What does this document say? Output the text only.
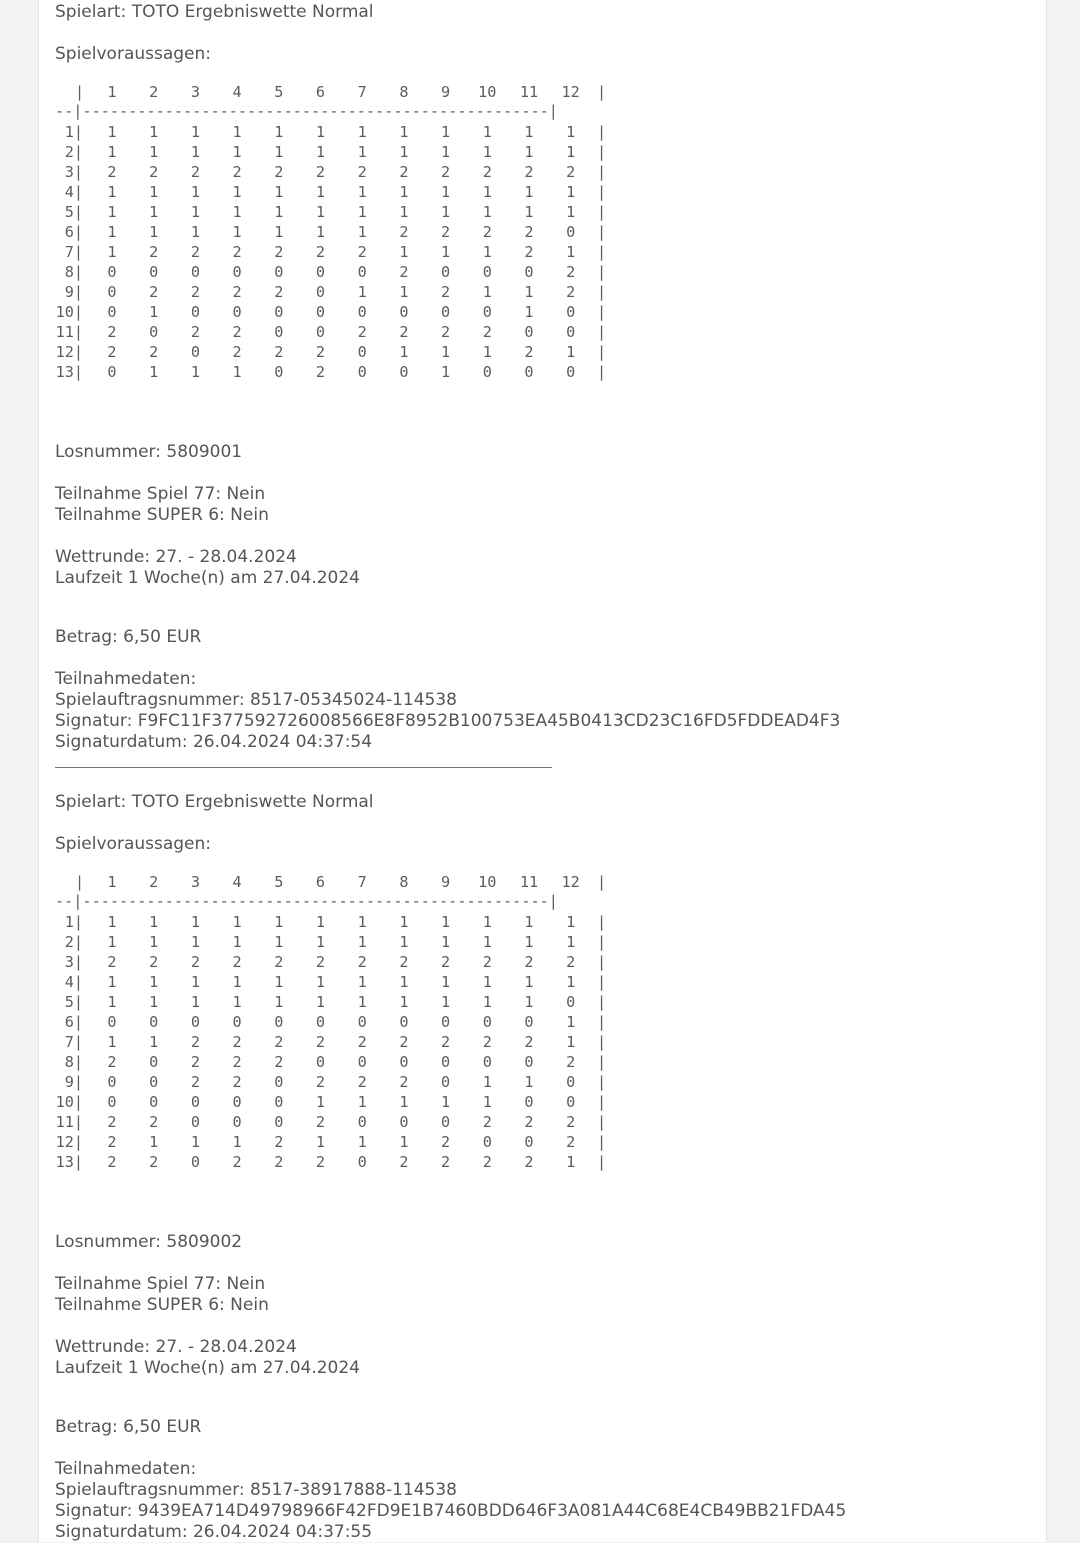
Spielart: TOTO Ergebniswette Normal
Spielvoraussagen:
|	1	2	3	4	5	6	7	8	9	10	11	12	|
--|---------------------------------------------------|
1|	1	1	1	1	1	1	1	1	1	1	1	1	|
2|	1	1	1	1	1	1	1	1	1	1	1	1	|
3|	2	2	2	2	2	2	2	2	2	2	2	2	|
4|	1	1	1	1	1	1	1	1	1	1	1	1	|
5|	1	1	1	1	1	1	1	1	1	1	1	1	|
6|	1	1	1	1	1	1	1	2	2	2	2	0	|
7|	1	2	2	2	2	2	2	1	1	1	2	1	|
8|	0	0	0	0	0	0	0	2	0	0	0	2	|
9|	0	2	2	2	2	0	1	1	2	1	1	2	|
10|	0	1	0	0	0	0	0	0	0	0	1	0	|
11|	2	0	2	2	0	0	2	2	2	2	0	0	|
12|	2	2	0	2	2	2	0	1	1	1	2	1	|
13|	0	1	1	1	0	2	0	0	1	0	0	0	|
Losnummer: 5809001
Teilnahme Spiel 77: Nein
Teilnahme SUPER 6: Nein
Wettrunde: 27. - 28.04.2024
Laufzeit 1 Woche(n) am 27.04.2024
Betrag: 6,50 EUR
Teilnahmedaten:
Spielauftragsnummer: 8517-05345024-114538
Signatur: F9FC11F377592726008566E8F8952B100753EA45B0413CD23C16FD5FDDEAD4F3
Signaturdatum: 26.04.2024 04:37:54
Spielart: TOTO Ergebniswette Normal
Spielvoraussagen:
|	1	2	3	4	5	6	7	8	9	10	11	12	|
--|---------------------------------------------------|
1|	1	1	1	1	1	1	1	1	1	1	1	1	|
2|	1	1	1	1	1	1	1	1	1	1	1	1	|
3|	2	2	2	2	2	2	2	2	2	2	2	2	|
4|	1	1	1	1	1	1	1	1	1	1	1	1	|
5|	1	1	1	1	1	1	1	1	1	1	1	0	|
6|	0	0	0	0	0	0	0	0	0	0	0	1	|
7|	1	1	2	2	2	2	2	2	2	2	2	1	|
8|	2	0	2	2	2	0	0	0	0	0	0	2	|
9|	0	0	2	2	0	2	2	2	0	1	1	0	|
10|	0	0	0	0	0	1	1	1	1	1	0	0	|
11|	2	2	0	0	0	2	0	0	0	2	2	2	|
12|	2	1	1	1	2	1	1	1	2	0	0	2	|
13|	2	2	0	2	2	2	0	2	2	2	2	1	|
Losnummer: 5809002
Teilnahme Spiel 77: Nein
Teilnahme SUPER 6: Nein
Wettrunde: 27. - 28.04.2024
Laufzeit 1 Woche(n) am 27.04.2024
Betrag: 6,50 EUR
Teilnahmedaten:
Spielauftragsnummer: 8517-38917888-114538
Signatur: 9439EA714D49798966F42FD9E1B7460BDD646F3A081A44C68E4CB49BB21FDA45
Signaturdatum: 26.04.2024 04:37:55
